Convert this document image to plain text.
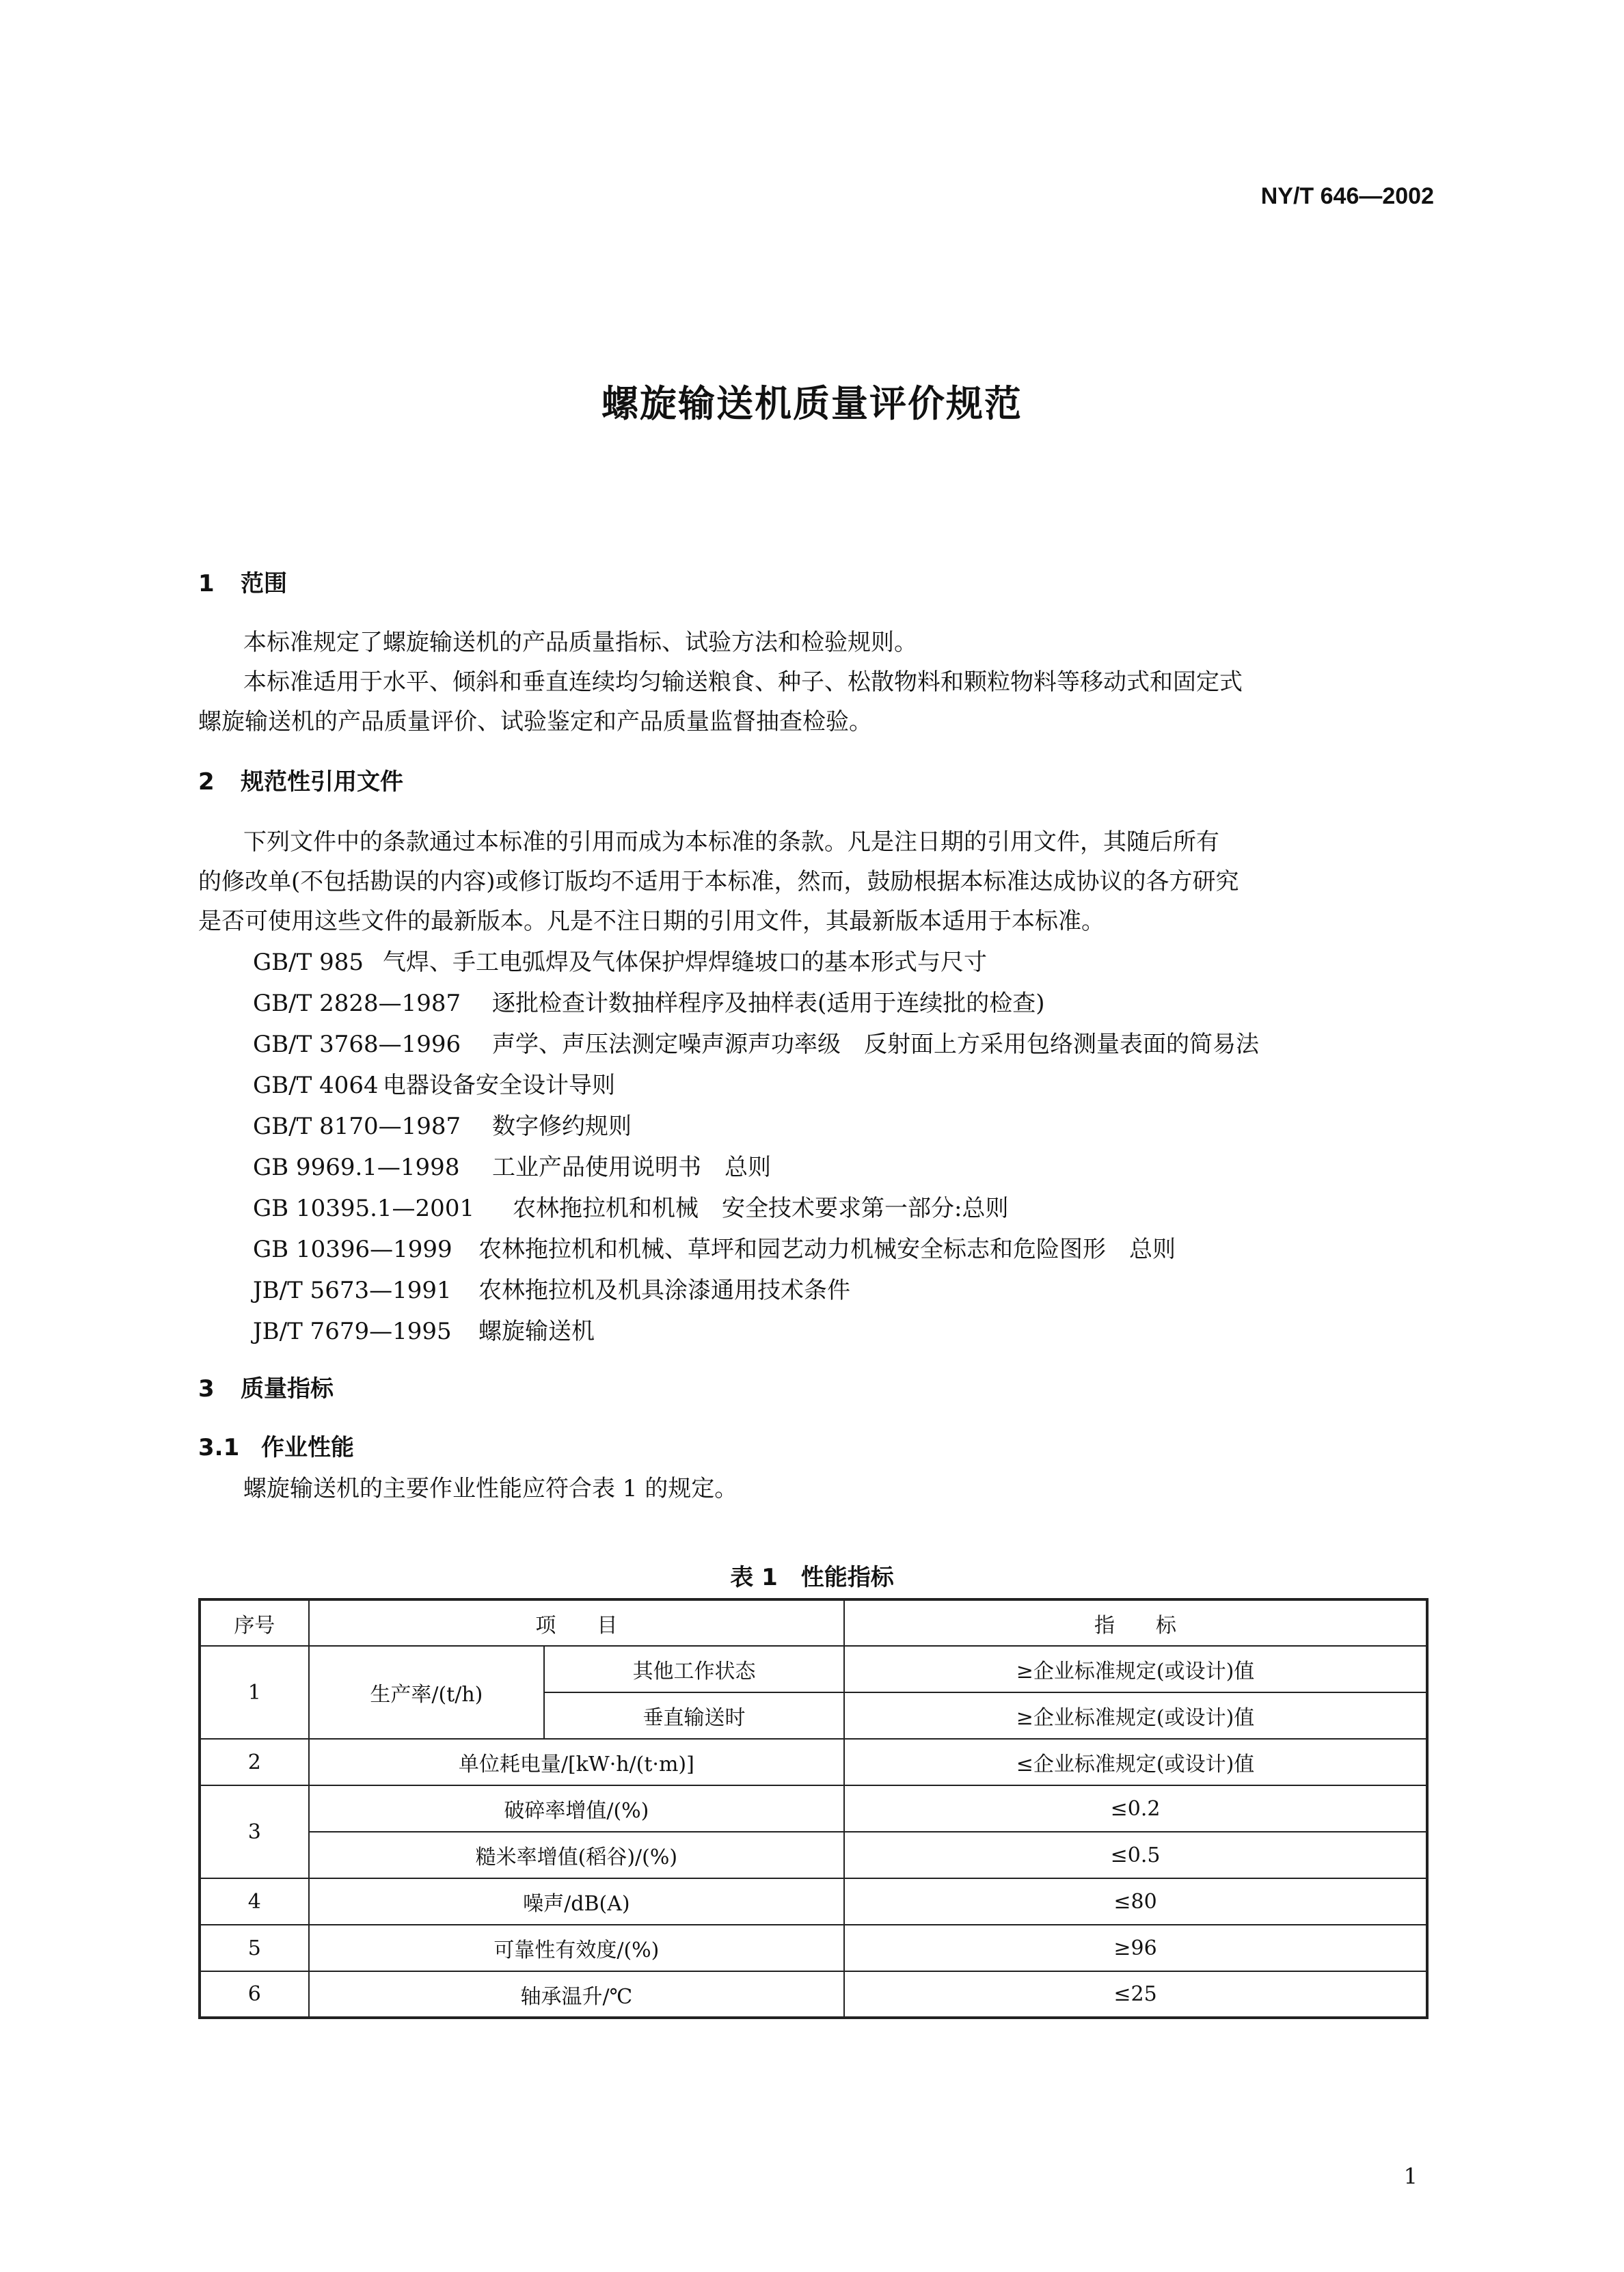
NY/T 646—2002
螺旋输送机质量评价规范
1 范围
本标准规定了螺旋输送机的产品质量指标、试验方法和检验规则。
本标准适用于水平、倾斜和垂直连续均匀输送粮食、种子、松散物料和颗粒物料等移动式和固定式
螺旋输送机的产品质量评价、试验鉴定和产品质量监督抽查检验。
2 规范性引用文件
下列文件中的条款通过本标准的引用而成为本标准的条款。凡是注日期的引用文件，其随后所有
的修改单(不包括勘误的内容)或修订版均不适用于本标准，然而，鼓励根据本标准达成协议的各方研究
是否可使用这些文件的最新版本。凡是不注日期的引用文件，其最新版本适用于本标准。
GB/T 985 气焊、手工电弧焊及气体保护焊焊缝坡口的基本形式与尺寸
GB/T 2828—1987 逐批检查计数抽样程序及抽样表(适用于连续批的检查)
GB/T 3768—1996 声学、声压法测定噪声源声功率级　反射面上方采用包络测量表面的简易法
GB/T 4064 电器设备安全设计导则
GB/T 8170—1987 数字修约规则
GB 9969.1—1998 工业产品使用说明书　总则
GB 10395.1—2001 农林拖拉机和机械　安全技术要求第一部分:总则
GB 10396—1999 农林拖拉机和机械、草坪和园艺动力机械安全标志和危险图形　总则
JB/T 5673—1991 农林拖拉机及机具涂漆通用技术条件
JB/T 7679—1995 螺旋输送机
3 质量指标
3.1 作业性能
螺旋输送机的主要作业性能应符合表 1 的规定。
表 1　性能指标
序号	项　　目		指　　标
1	生产率/(t/h)	其他工作状态	≥企业标准规定(或设计)值
		垂直输送时	≥企业标准规定(或设计)值
2	单位耗电量/[kW·h/(t·m)]		≤企业标准规定(或设计)值
3	破碎率增值/(%)		≤0.2
	糙米率增值(稻谷)/(%)		≤0.5
4	噪声/dB(A)		≤80
5	可靠性有效度/(%)		≥96
6	轴承温升/℃		≤25
1
